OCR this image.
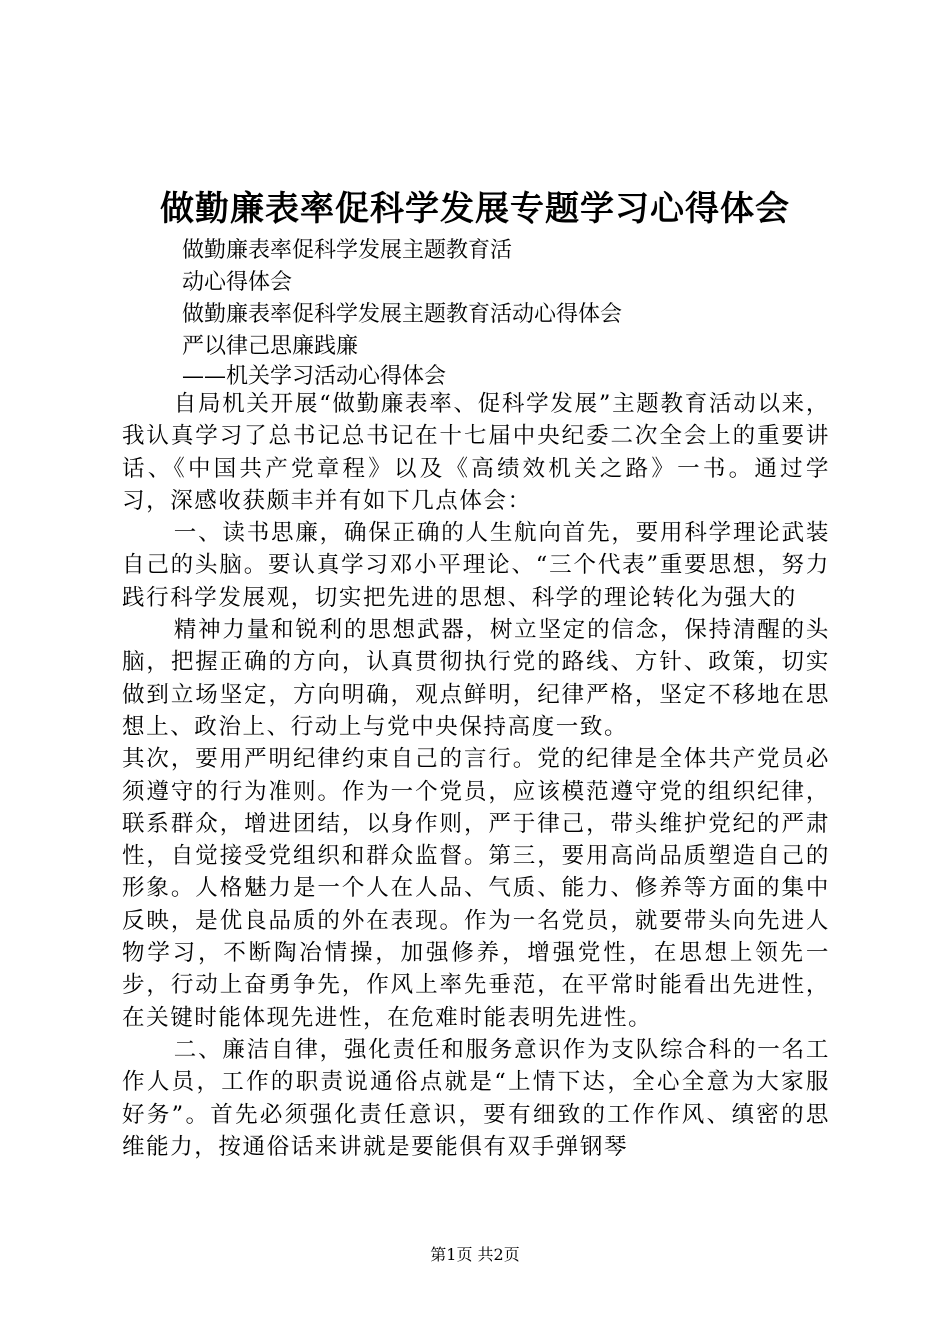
做勤廉表率促科学发展专题学习心得体会
做勤廉表率促科学发展主题教育活
动心得体会
做勤廉表率促科学发展主题教育活动心得体会
严以律己思廉践廉
——机关学习活动心得体会

自局机关开展“做勤廉表率、促科学发展”主题教育活动以来，我认真学习了总书记总书记在十七届中央纪委二次全会上的重要讲话、《中国共产党章程》以及《高绩效机关之路》一书。通过学习，深感收获颇丰并有如下几点体会：

一、读书思廉，确保正确的人生航向首先，要用科学理论武装自己的头脑。要认真学习邓小平理论、“三个代表”重要思想，努力践行科学发展观，切实把先进的思想、科学的理论转化为强大的

精神力量和锐利的思想武器，树立坚定的信念，保持清醒的头脑，把握正确的方向，认真贯彻执行党的路线、方针、政策，切实做到立场坚定，方向明确，观点鲜明，纪律严格，坚定不移地在思想上、政治上、行动上与党中央保持高度一致。

其次，要用严明纪律约束自己的言行。党的纪律是全体共产党员必须遵守的行为准则。作为一个党员，应该模范遵守党的组织纪律，联系群众，增进团结，以身作则，严于律己，带头维护党纪的严肃性，自觉接受党组织和群众监督。第三，要用高尚品质塑造自己的形象。人格魅力是一个人在人品、气质、能力、修养等方面的集中反映，是优良品质的外在表现。作为一名党员，就要带头向先进人物学习，不断陶冶情操，加强修养，增强党性，在思想上领先一步，行动上奋勇争先，作风上率先垂范，在平常时能看出先进性，在关键时能体现先进性，在危难时能表明先进性。

二、廉洁自律，强化责任和服务意识作为支队综合科的一名工作人员，工作的职责说通俗点就是“上情下达，全心全意为大家服好务”。首先必须强化责任意识，要有细致的工作作风、缜密的思维能力，按通俗话来讲就是要能俱有双手弹钢琴

第1页 共2页
